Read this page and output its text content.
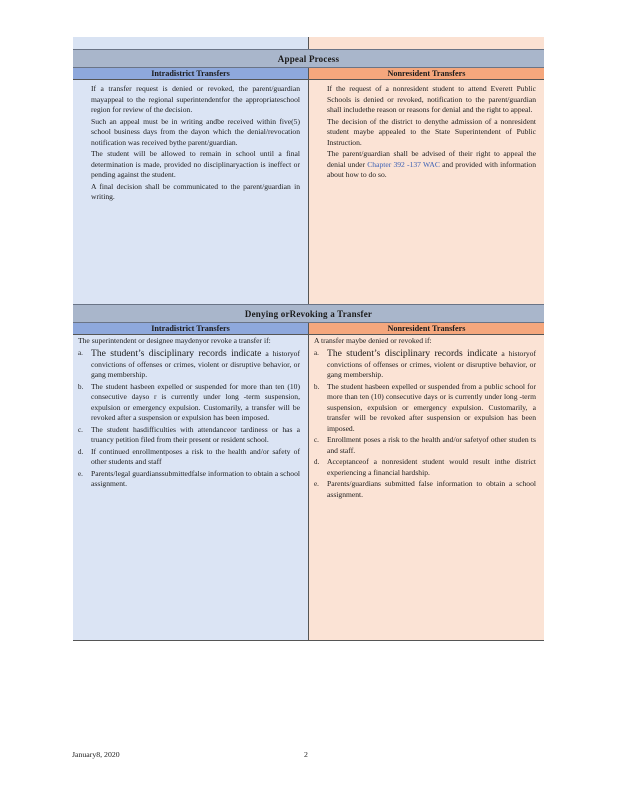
Appeal Process
Intradistrict Transfers
If a transfer request is denied or revoked, the parent/guardian mayappeal to the regional superintendentfor the appropriateschool region for review of the decision.
Such an appeal must be in writing andbe received within five(5) school business days from the dayon which the denial/revocation notification was received bythe parent/guardian.
The student will be allowed to remain in school until a final determination is made, provided no disciplinaryaction is ineffect or pending against the student.
A final decision shall be communicated to the parent/guardian in writing.
Nonresident Transfers
If the request of a nonresident student to attend Everett Public Schools is denied or revoked, notification to the parent/guardian shall includethe reason or reasons for denial and the right to appeal.
The decision of the district to denythe admission of a nonresident student maybe appealed to the State Superintendent of Public Instruction.
The parent/guardian shall be advised of their right to appeal the denial under Chapter 392 -137 WAC and provided with information about how to do so.
Denying orRevoking a Transfer
Intradistrict Transfers
The superintendent or designee maydenyor revoke a transfer if:
a. The student’s disciplinary records indicate a historyof convictions of offenses or crimes, violent or disruptive behavior, or gang membership.
b.	The student hasbeen expelled or suspended for more than ten (10) consecutive dayso r is currently under long -term suspension, expulsion or emergency expulsion. Customarily, a transfer will be revoked after a suspension or expulsion has been imposed.
c.	The student hasdifficulties with attendanceor tardiness or has a truancy petition filed from their present or resident school.
d.	If continued enrollmentposes a risk to the health and/or safety of other students and staff
e.	Parents/legal guardianssubmittedfalse information to obtain a school assignment.
Nonresident Transfers
A transfer maybe denied or revoked if:
a. The student’s disciplinary records indicate a historyof convictions of offenses or crimes, violent or disruptive behavior, or gang membership.
b.	The student hasbeen expelled or suspended from a public school for more than ten (10) consecutive days or is currently under long -term suspension, expulsion or emergency expulsion. Customarily, a transfer will be revoked after suspension or expulsion has been imposed.
c.	Enrollment poses a risk to the health and/or safetyof other studen ts and staff.
d.	Acceptanceof a nonresident student would result inthe district experiencing a financial hardship.
e.	Parents/guardians submitted false information to obtain a school assignment.
January8, 2020	2
